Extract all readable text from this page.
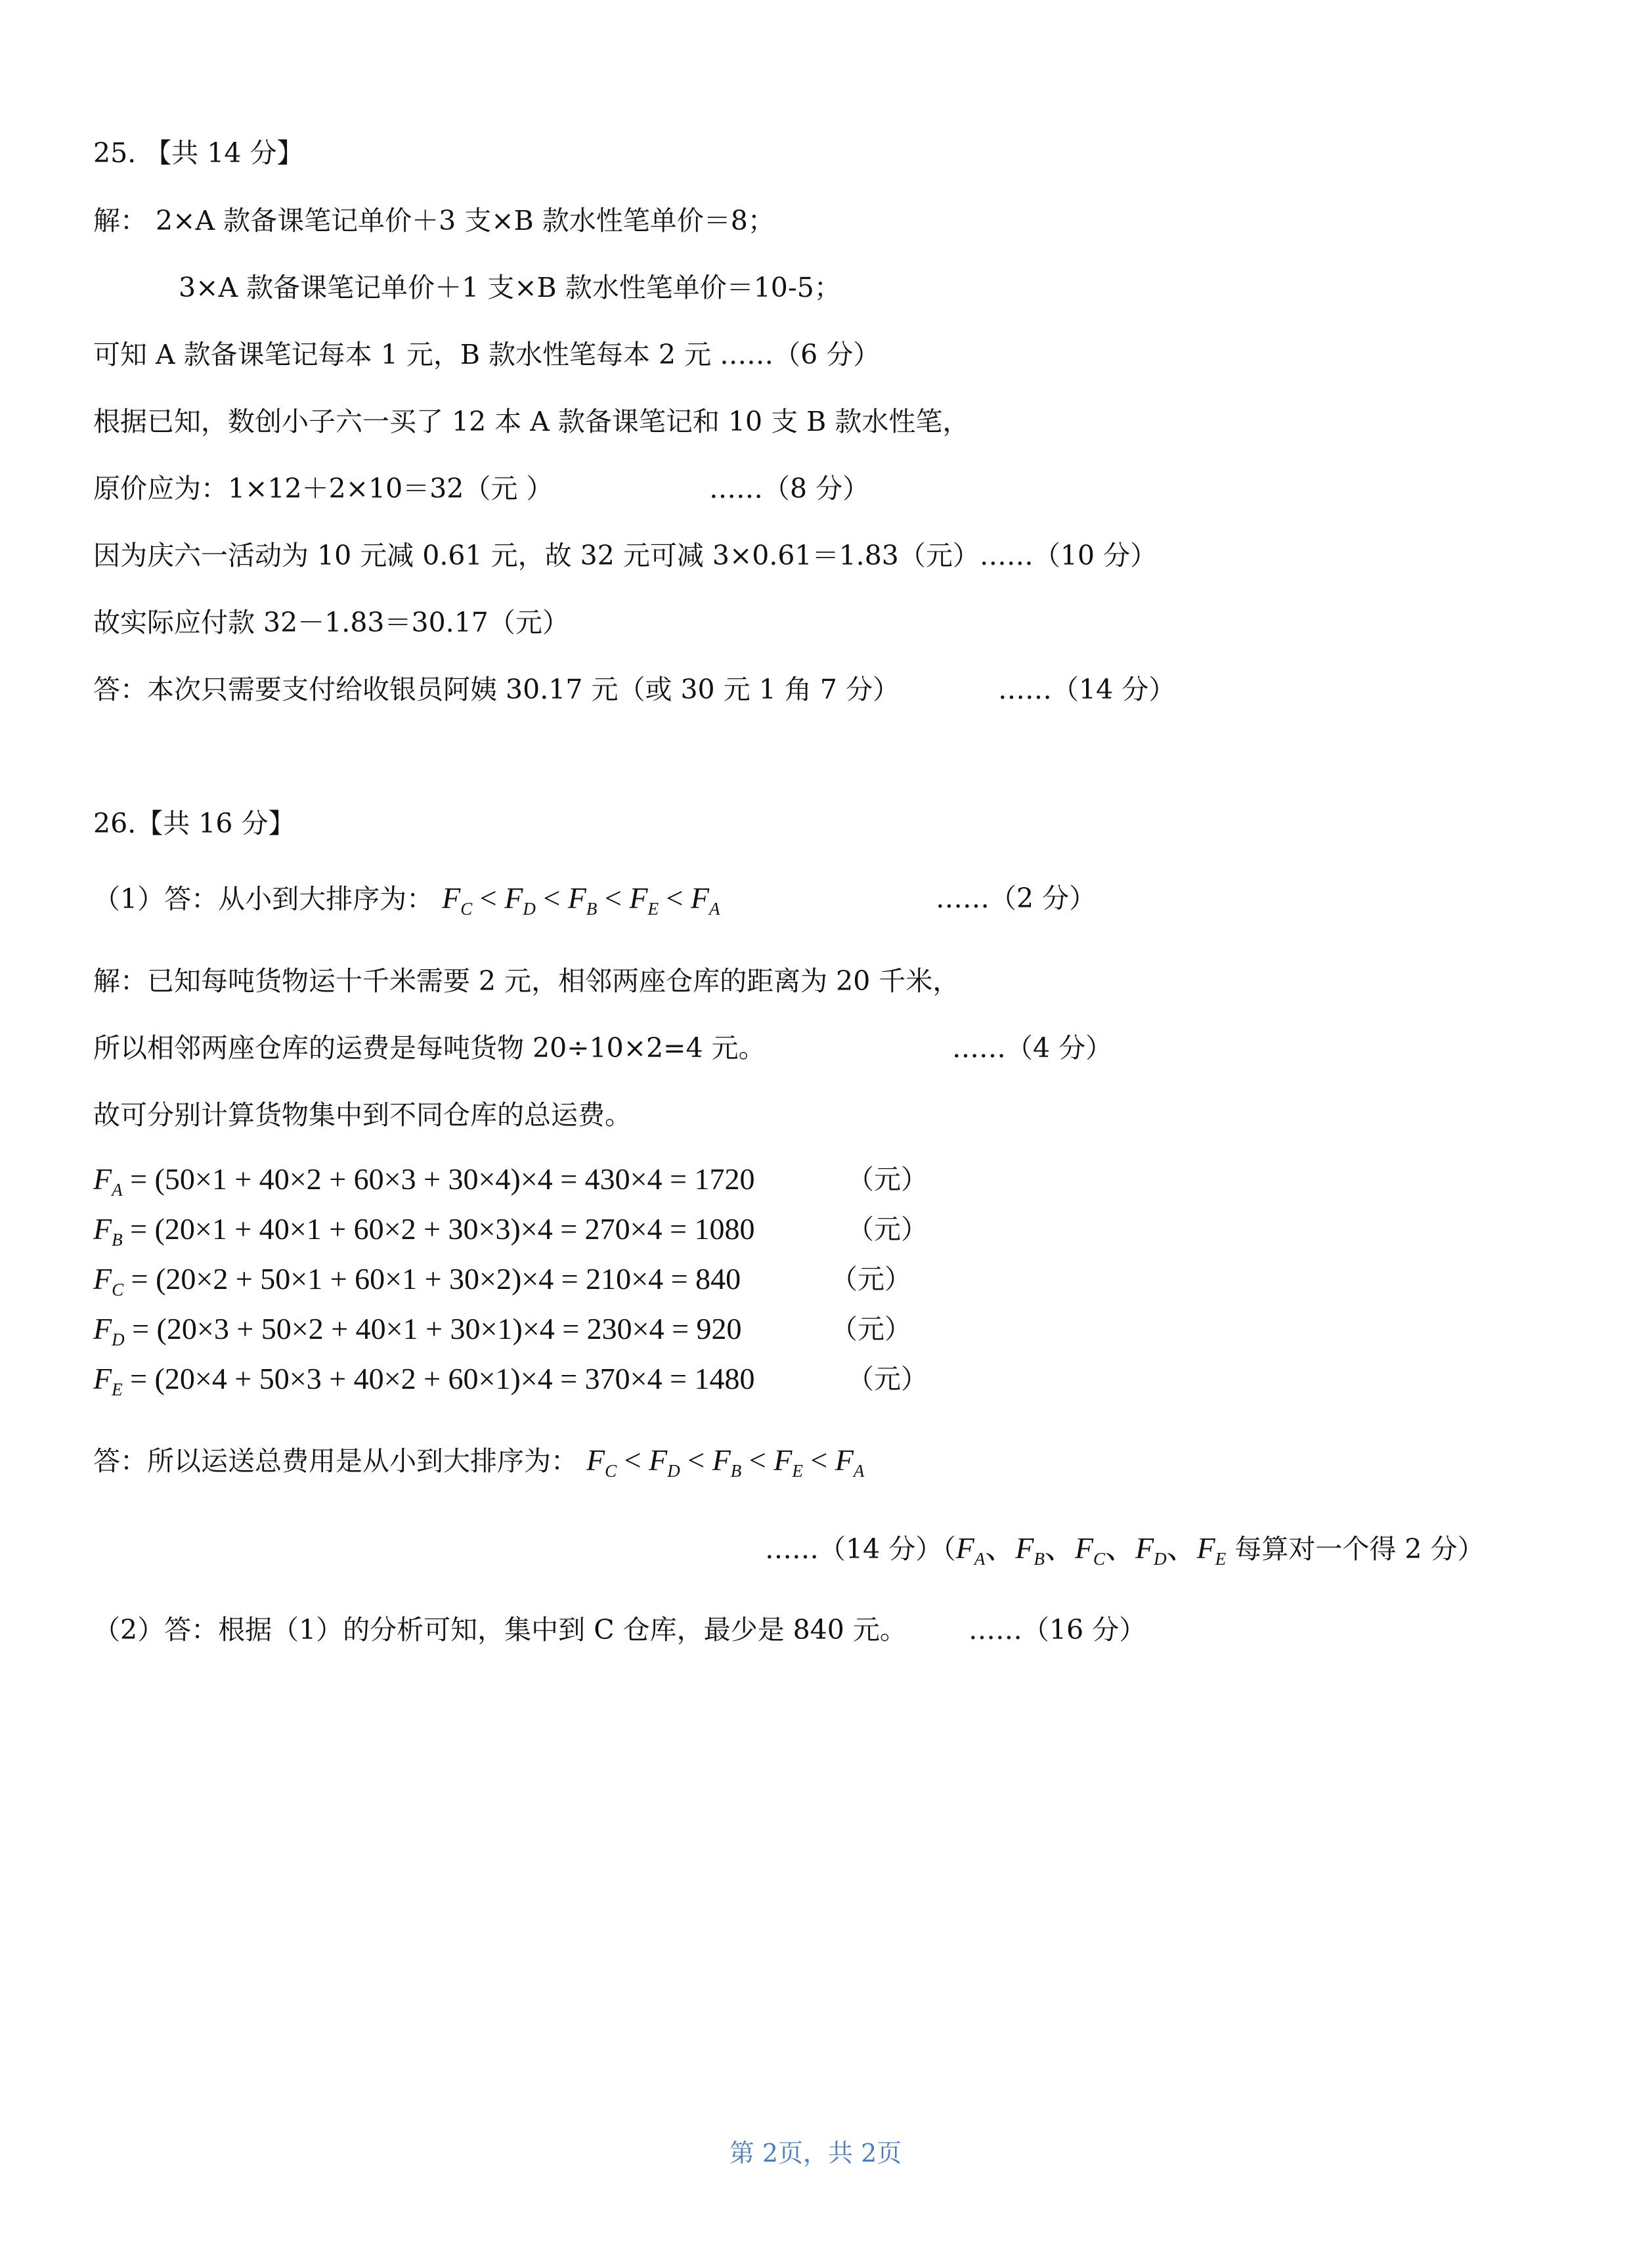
25. 【共 14 分】
解： 2×A 款备课笔记单价＋3 支×B 款水性笔单价＝8；
3×A 款备课笔记单价＋1 支×B 款水性笔单价＝10-5；
可知 A 款备课笔记每本 1 元，B 款水性笔每本 2 元 ……（6 分）
根据已知，数创小子六一买了 12 本 A 款备课笔记和 10 支 B 款水性笔，
原价应为：1×12＋2×10＝32（元 ）	……（8 分）
因为庆六一活动为 10 元减 0.61 元，故 32 元可减 3×0.61＝1.83（元）……（10 分）
故实际应付款 32－1.83＝30.17（元）
答：本次只需要支付给收银员阿姨 30.17 元（或 30 元 1 角 7 分）	……（14 分）
26.【共 16 分】
（1）答：从小到大排序为： $F_C < F_D < F_B < F_E < F_A$	……（2 分）
解：已知每吨货物运十千米需要 2 元，相邻两座仓库的距离为 20 千米，
所以相邻两座仓库的运费是每吨货物 20÷10×2=4 元。	……（4 分）
故可分别计算货物集中到不同仓库的总运费。
$F_A = (50\times 1 + 40\times 2 + 60\times 3 + 30\times 4)\times 4 = 430\times 4 = 1720$	（元）
$F_B = (20\times 1 + 40\times 1 + 60\times 2 + 30\times 3)\times 4 = 270\times 4 = 1080$	（元）
$F_C = (20\times 2 + 50\times 1 + 60\times 1 + 30\times 2)\times 4 = 210\times 4 = 840$	（元）
$F_D = (20\times 3 + 50\times 2 + 40\times 1 + 30\times 1)\times 4 = 230\times 4 = 920$	（元）
$F_E = (20\times 4 + 50\times 3 + 40\times 2 + 60\times 1)\times 4 = 370\times 4 = 1480$	（元）
答：所以运送总费用是从小到大排序为： $F_C < F_D < F_B < F_E < F_A$
……（14 分）（$F_A$、$F_B$、$F_C$、$F_D$、$F_E$ 每算对一个得 2 分）
（2）答：根据（1）的分析可知，集中到 C 仓库，最少是 840 元。 ……（16 分）
第 2页，共 2页
